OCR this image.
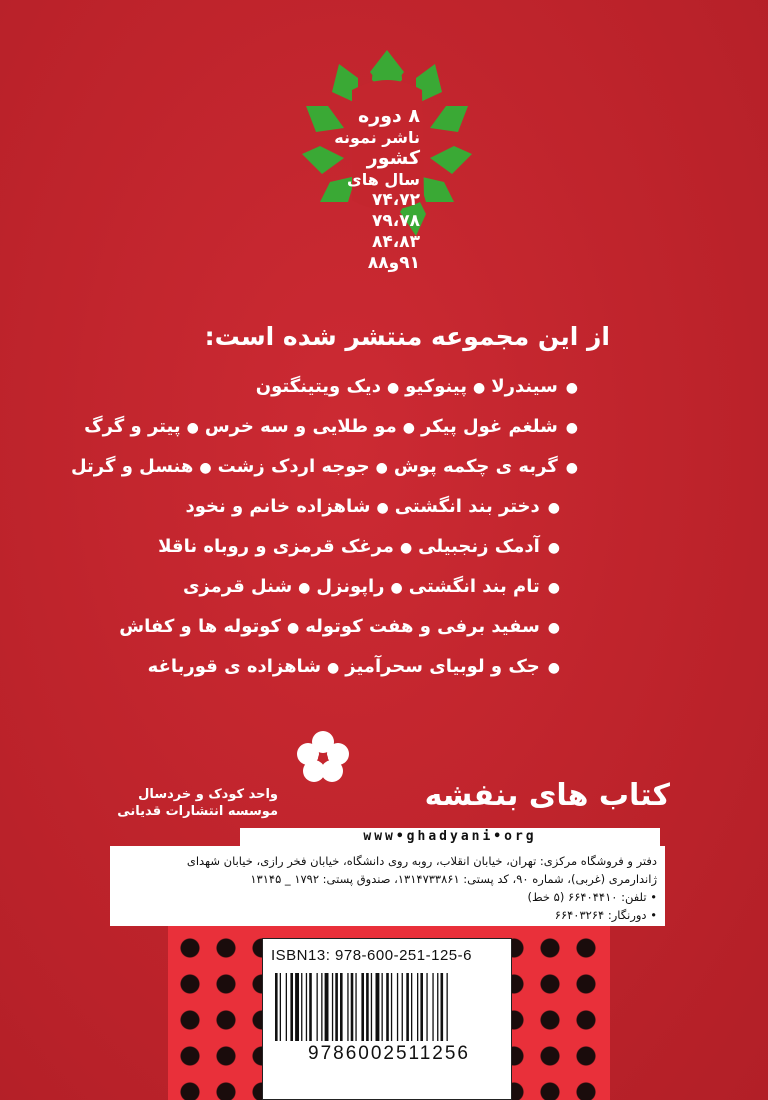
۸ دوره
ناشر نمونه
کشور
سال های
۷۴،۷۲
۷۹،۷۸
۸۴،۸۳
۹۱و۸۸
از این مجموعه منتشر شده است:
●سیندرلا●پینوکیو●دیک ویتینگتون
●شلغم غول پیکر●مو طلایی و سه خرس●پیتر و گرگ
●گربه ی چکمه پوش●جوجه اردک زشت●هنسل و گرتل
●دختر بند انگشتی●شاهزاده خانم و نخود
●آدمک زنجبیلی●مرغک قرمزی و روباه ناقلا
●تام بند انگشتی●راپونزل●شنل قرمزی
●سفید برفی و هفت کوتوله●کوتوله ها و کفاش
●جک و لوبیای سحرآمیز●شاهزاده ی قورباغه
کتاب های بنفشه
واحد کودک و خردسال
موسسه انتشارات قدیانی
www•ghadyani•org
دفتر و فروشگاه مرکزی: تهران، خیابان انقلاب، روبه روی دانشگاه، خیابان فخر رازی، خیابان شهدای
ژاندارمری (غربی)، شماره ۹۰، کد پستی: ۱۳۱۴۷۳۳۸۶۱، صندوق پستی: ۱۷۹۲ _ ۱۳۱۴۵
• تلفن: ۶۶۴۰۴۴۱۰ (۵ خط)
• دورنگار: ۶۶۴۰۳۲۶۴
ISBN13: 978-600-251-125-6
9786002511256
